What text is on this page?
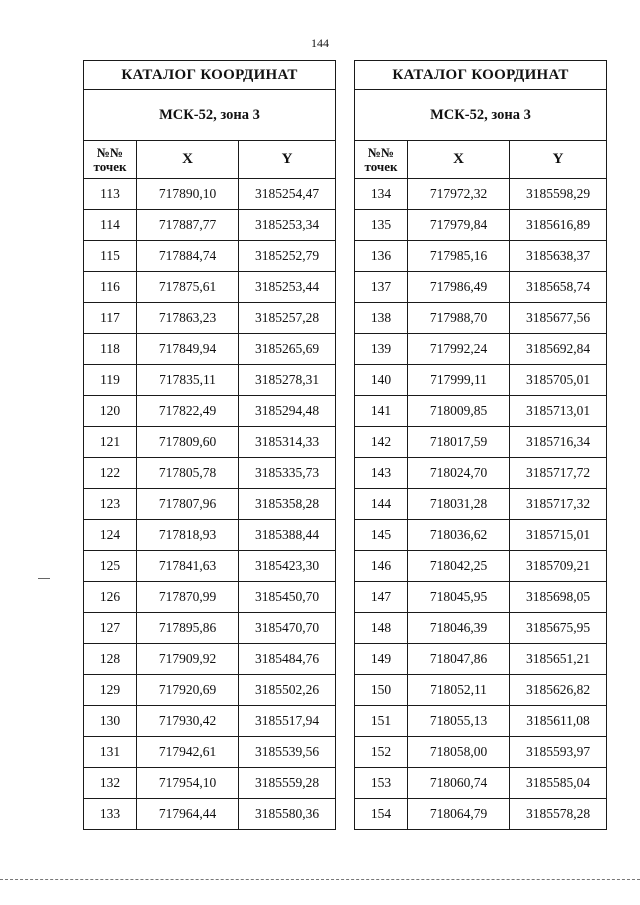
144
КАТАЛОГ КООРДИНАТ		
МСК-52, зона 3		
№№ точек	X	Y
113	717890,10	3185254,47
114	717887,77	3185253,34
115	717884,74	3185252,79
116	717875,61	3185253,44
117	717863,23	3185257,28
118	717849,94	3185265,69
119	717835,11	3185278,31
120	717822,49	3185294,48
121	717809,60	3185314,33
122	717805,78	3185335,73
123	717807,96	3185358,28
124	717818,93	3185388,44
125	717841,63	3185423,30
126	717870,99	3185450,70
127	717895,86	3185470,70
128	717909,92	3185484,76
129	717920,69	3185502,26
130	717930,42	3185517,94
131	717942,61	3185539,56
132	717954,10	3185559,28
133	717964,44	3185580,36
КАТАЛОГ КООРДИНАТ		
МСК-52, зона 3		
№№ точек	X	Y
134	717972,32	3185598,29
135	717979,84	3185616,89
136	717985,16	3185638,37
137	717986,49	3185658,74
138	717988,70	3185677,56
139	717992,24	3185692,84
140	717999,11	3185705,01
141	718009,85	3185713,01
142	718017,59	3185716,34
143	718024,70	3185717,72
144	718031,28	3185717,32
145	718036,62	3185715,01
146	718042,25	3185709,21
147	718045,95	3185698,05
148	718046,39	3185675,95
149	718047,86	3185651,21
150	718052,11	3185626,82
151	718055,13	3185611,08
152	718058,00	3185593,97
153	718060,74	3185585,04
154	718064,79	3185578,28
